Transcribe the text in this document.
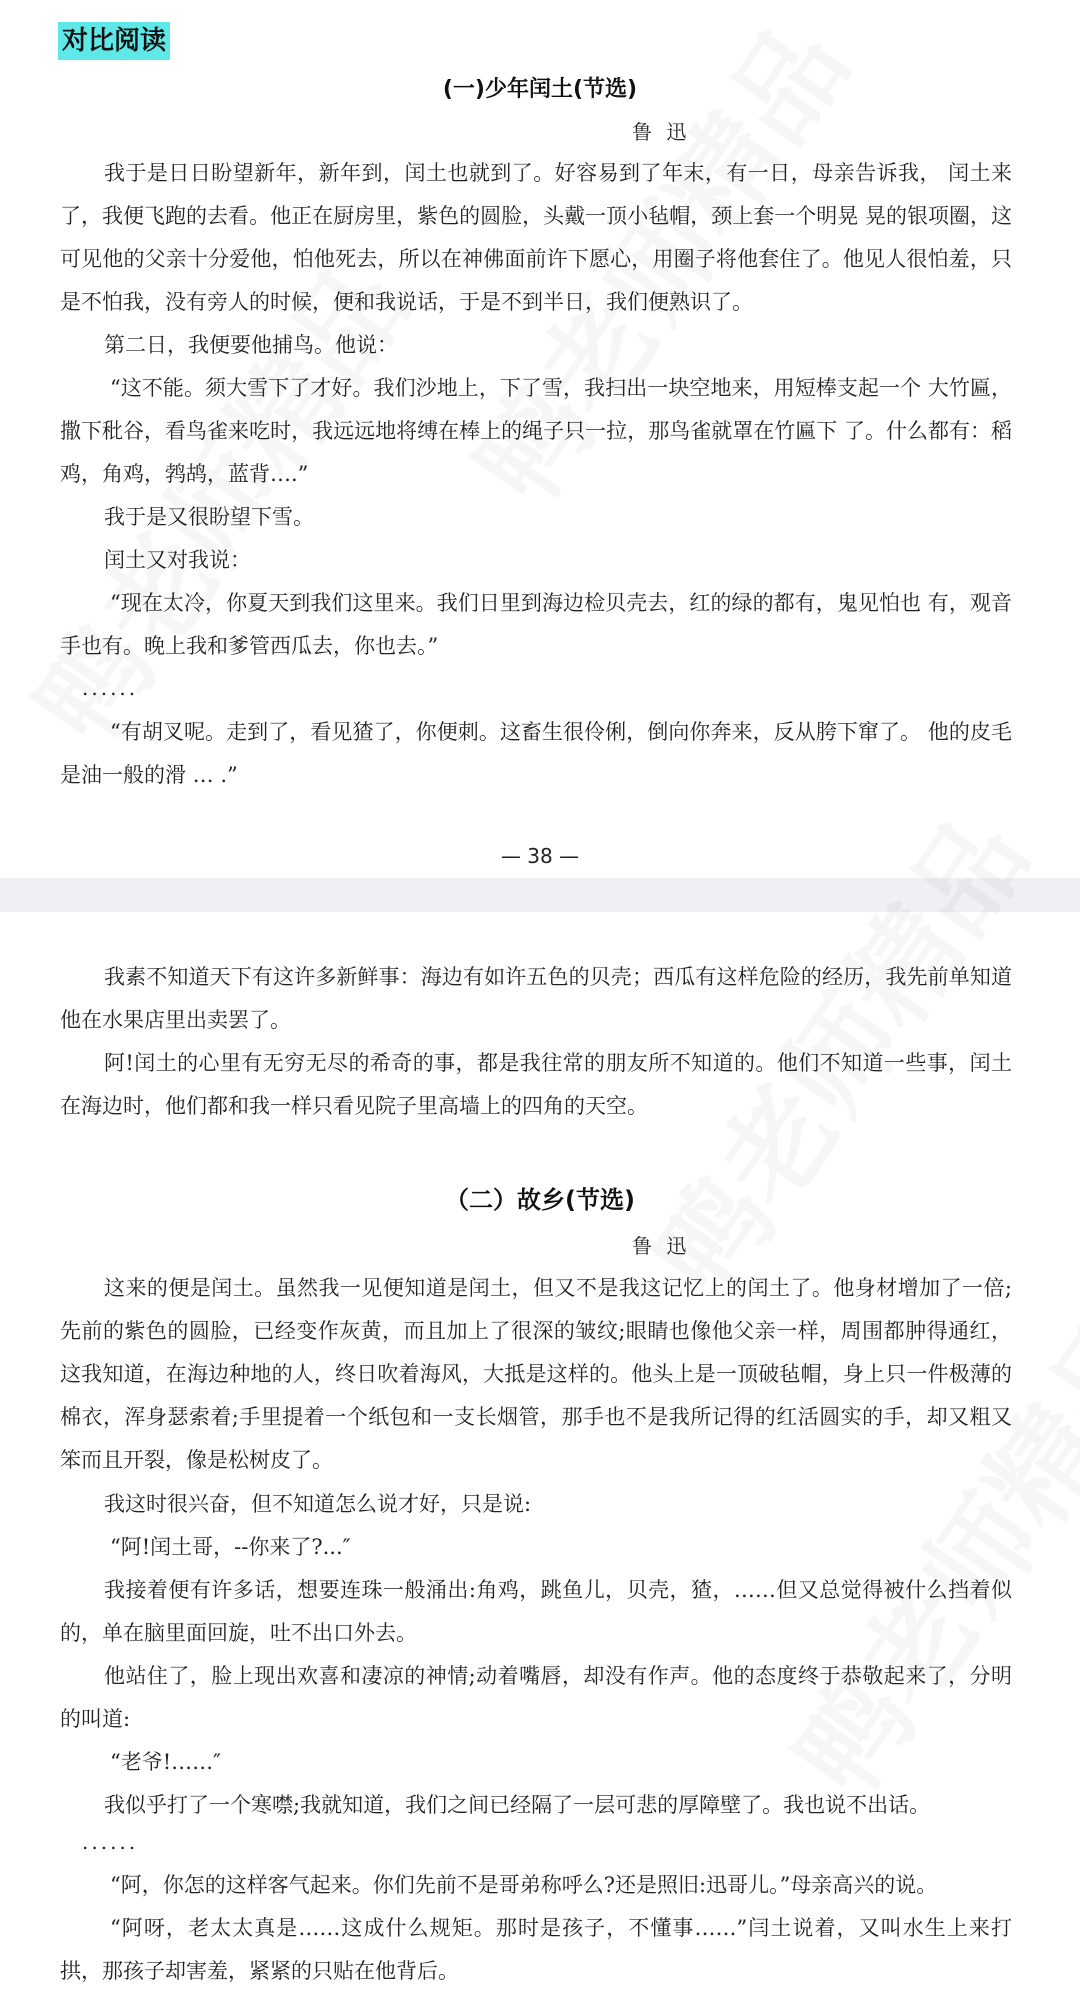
对比阅读
(一)少年闰土(节选)
鲁 迅

我于是日日盼望新年，新年到，闰土也就到了。好容易到了年末，有一日，母亲告诉我， 闰土来了，我便飞跑的去看。他正在厨房里，紫色的圆脸，头戴一顶小毡帽，颈上套一个明晃 晃的银项圈，这可见他的父亲十分爱他，怕他死去，所以在神佛面前许下愿心，用圈子将他套住了。他见人很怕羞，只是不怕我，没有旁人的时候，便和我说话，于是不到半日，我们便熟识了。

第二日，我便要他捕鸟。他说：

“这不能。须大雪下了才好。我们沙地上，下了雪，我扫出一块空地来，用短棒支起一个 大竹匾，撒下秕谷，看鸟雀来吃时，我远远地将缚在棒上的绳子只一拉，那鸟雀就罩在竹匾下 了。什么都有：稻鸡，角鸡，鹁鸪，蓝背….”

我于是又很盼望下雪。

闰土又对我说：

“现在太冷，你夏天到我们这里来。我们日里到海边检贝壳去，红的绿的都有，鬼见怕也 有，观音手也有。晚上我和爹管西瓜去，你也去。”

......

“有胡叉呢。走到了，看见猹了，你便刺。这畜生很伶俐，倒向你奔来，反从胯下窜了。 他的皮毛是油一般的滑 … .”

— 38 —

我素不知道天下有这许多新鲜事：海边有如许五色的贝壳；西瓜有这样危险的经历，我先前单知道他在水果店里出卖罢了。

阿!闰土的心里有无穷无尽的希奇的事，都是我往常的朋友所不知道的。他们不知道一些事，闰土在海边时，他们都和我一样只看见院子里高墙上的四角的天空。

（二）故乡(节选)
鲁 迅

这来的便是闰土。虽然我一见便知道是闰土，但又不是我这记忆上的闰土了。他身材增加了一倍;先前的紫色的圆脸，已经变作灰黄，而且加上了很深的皱纹;眼睛也像他父亲一样，周围都肿得通红，这我知道，在海边种地的人，终日吹着海风，大抵是这样的。他头上是一顶破毡帽，身上只一件极薄的棉衣，浑身瑟索着;手里提着一个纸包和一支长烟管，那手也不是我所记得的红活圆实的手，却又粗又笨而且开裂，像是松树皮了。

我这时很兴奋，但不知道怎么说才好，只是说:

“阿!闰土哥，--你来了?...″

我接着便有许多话，想要连珠一般涌出:角鸡，跳鱼儿，贝壳，猹，……但又总觉得被什么挡着似的，单在脑里面回旋，吐不出口外去。

他站住了，脸上现出欢喜和凄凉的神情;动着嘴唇，却没有作声。他的态度终于恭敬起来了，分明的叫道:

“老爷!……″

我似乎打了一个寒噤;我就知道，我们之间已经隔了一层可悲的厚障壁了。我也说不出话。

......

“阿，你怎的这样客气起来。你们先前不是哥弟称呼么?还是照旧:迅哥儿。”母亲高兴的说。

“阿呀，老太太真是……这成什么规矩。那时是孩子，不懂事……”闫土说着，又叫水生上来打拱，那孩子却害羞，紧紧的只贴在他背后。
